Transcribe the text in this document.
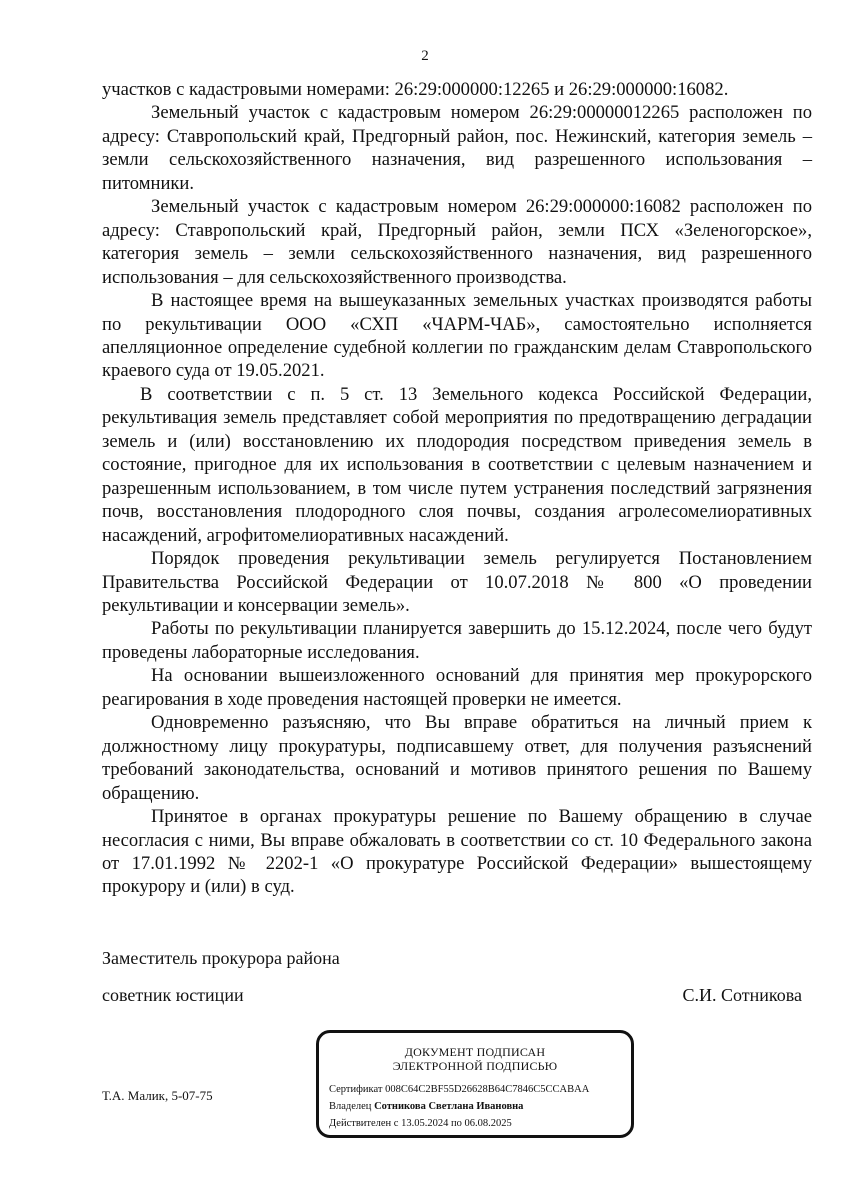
2

участков с кадастровыми номерами: 26:29:000000:12265 и 26:29:000000:16082.

Земельный участок с кадастровым номером 26:29:00000012265 расположен по адресу: Ставропольский край, Предгорный район, пос. Нежинский, категория земель – земли сельскохозяйственного назначения, вид разрешенного использования – питомники.

Земельный участок с кадастровым номером 26:29:000000:16082 расположен по адресу: Ставропольский край, Предгорный район, земли ПСХ «Зеленогорское», категория земель – земли сельскохозяйственного назначения, вид разрешенного использования – для сельскохозяйственного производства.

В настоящее время на вышеуказанных земельных участках производятся работы по рекультивации ООО «СХП «ЧАРМ-ЧАБ», самостоятельно исполняется апелляционное определение судебной коллегии по гражданским делам Ставропольского краевого суда от 19.05.2021.

В соответствии с п. 5 ст. 13 Земельного кодекса Российской Федерации, рекультивация земель представляет собой мероприятия по предотвращению деградации земель и (или) восстановлению их плодородия посредством приведения земель в состояние, пригодное для их использования в соответствии с целевым назначением и разрешенным использованием, в том числе путем устранения последствий загрязнения почв, восстановления плодородного слоя почвы, создания агролесомелиоративных насаждений, агрофитомелиоративных насаждений.

Порядок проведения рекультивации земель регулируется Постановлением Правительства Российской Федерации от 10.07.2018 № 800 «О проведении рекультивации и консервации земель».

Работы по рекультивации планируется завершить до 15.12.2024, после чего будут проведены лабораторные исследования.

На основании вышеизложенного оснований для принятия мер прокурорского реагирования в ходе проведения настоящей проверки не имеется.

Одновременно разъясняю, что Вы вправе обратиться на личный прием к должностному лицу прокуратуры, подписавшему ответ, для получения разъяснений требований законодательства, оснований и мотивов принятого решения по Вашему обращению.

Принятое в органах прокуратуры решение по Вашему обращению в случае несогласия с ними, Вы вправе обжаловать в соответствии со ст. 10 Федерального закона от 17.01.1992 № 2202-1 «О прокуратуре Российской Федерации» вышестоящему прокурору и (или) в суд.

Заместитель прокурора района
советник юстиции	С.И. Сотникова
ДОКУМЕНТ ПОДПИСАН
ЭЛЕКТРОННОЙ ПОДПИСЬЮ
Сертификат 008C64C2BF55D26628B64C7846C5CCABAA
Владелец Сотникова Светлана Ивановна
Действителен с 13.05.2024 по 06.08.2025
Т.А. Малик, 5-07-75
